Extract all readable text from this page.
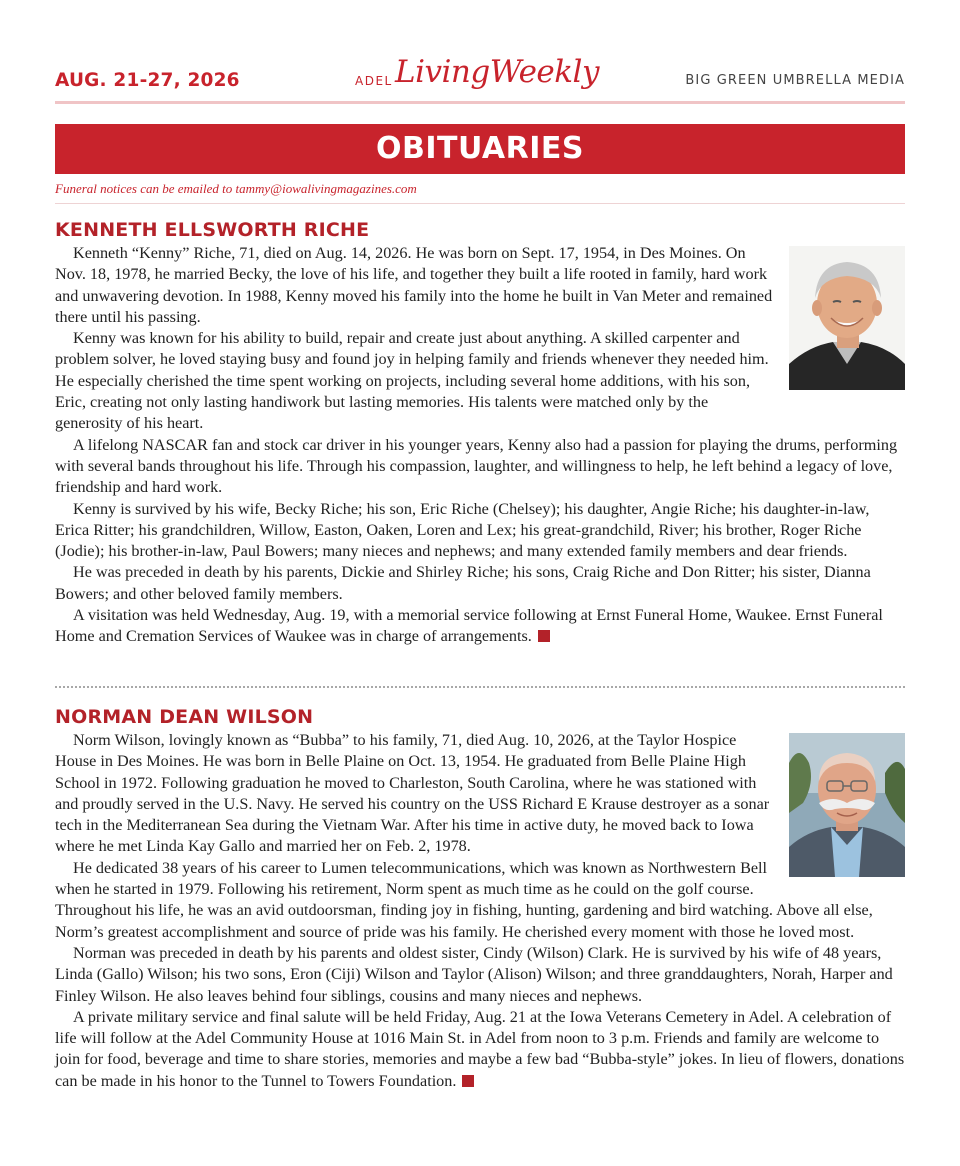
AUG. 21-27, 2026	ADEL LivingWeekly	BIG GREEN UMBRELLA MEDIA
OBITUARIES
Funeral notices can be emailed to tammy@iowalivingmagazines.com
KENNETH ELLSWORTH RICHE

Kenneth “Kenny” Riche, 71, died on Aug. 14, 2026. He was born on Sept. 17, 1954, in Des Moines. On Nov. 18, 1978, he married Becky, the love of his life, and together they built a life rooted in family, hard work and unwavering devotion. In 1988, Kenny moved his family into the home he built in Van Meter and remained there until his passing.

Kenny was known for his ability to build, repair and create just about anything. A skilled carpenter and problem solver, he loved staying busy and found joy in helping family and friends whenever they needed him. He especially cherished the time spent working on projects, including several home additions, with his son, Eric, creating not only lasting handiwork but lasting memories. His talents were matched only by the generosity of his heart.

A lifelong NASCAR fan and stock car driver in his younger years, Kenny also had a passion for playing the drums, performing with several bands throughout his life. Through his compassion, laughter, and willingness to help, he left behind a legacy of love, friendship and hard work.

Kenny is survived by his wife, Becky Riche; his son, Eric Riche (Chelsey); his daughter, Angie Riche; his daughter-in-law, Erica Ritter; his grandchildren, Willow, Easton, Oaken, Loren and Lex; his great-grandchild, River; his brother, Roger Riche (Jodie); his brother-in-law, Paul Bowers; many nieces and nephews; and many extended family members and dear friends.

He was preceded in death by his parents, Dickie and Shirley Riche; his sons, Craig Riche and Don Ritter; his sister, Dianna Bowers; and other beloved family members.

A visitation was held Wednesday, Aug. 19, with a memorial service following at Ernst Funeral Home, Waukee. Ernst Funeral Home and Cremation Services of Waukee was in charge of arrangements.

NORMAN DEAN WILSON

Norm Wilson, lovingly known as “Bubba” to his family, 71, died Aug. 10, 2026, at the Taylor Hospice House in Des Moines. He was born in Belle Plaine on Oct. 13, 1954. He graduated from Belle Plaine High School in 1972. Following graduation he moved to Charleston, South Carolina, where he was stationed with and proudly served in the U.S. Navy. He served his country on the USS Richard E Krause destroyer as a sonar tech in the Mediterranean Sea during the Vietnam War. After his time in active duty, he moved back to Iowa where he met Linda Kay Gallo and married her on Feb. 2, 1978.

He dedicated 38 years of his career to Lumen telecommunications, which was known as Northwestern Bell when he started in 1979. Following his retirement, Norm spent as much time as he could on the golf course. Throughout his life, he was an avid outdoorsman, finding joy in fishing, hunting, gardening and bird watching. Above all else, Norm’s greatest accomplishment and source of pride was his family. He cherished every moment with those he loved most.

Norman was preceded in death by his parents and oldest sister, Cindy (Wilson) Clark. He is survived by his wife of 48 years, Linda (Gallo) Wilson; his two sons, Eron (Ciji) Wilson and Taylor (Alison) Wilson; and three granddaughters, Norah, Harper and Finley Wilson. He also leaves behind four siblings, cousins and many nieces and nephews.

A private military service and final salute will be held Friday, Aug. 21 at the Iowa Veterans Cemetery in Adel. A celebration of life will follow at the Adel Community House at 1016 Main St. in Adel from noon to 3 p.m. Friends and family are welcome to join for food, beverage and time to share stories, memories and maybe a few bad “Bubba-style” jokes. In lieu of flowers, donations can be made in his honor to the Tunnel to Towers Foundation.
